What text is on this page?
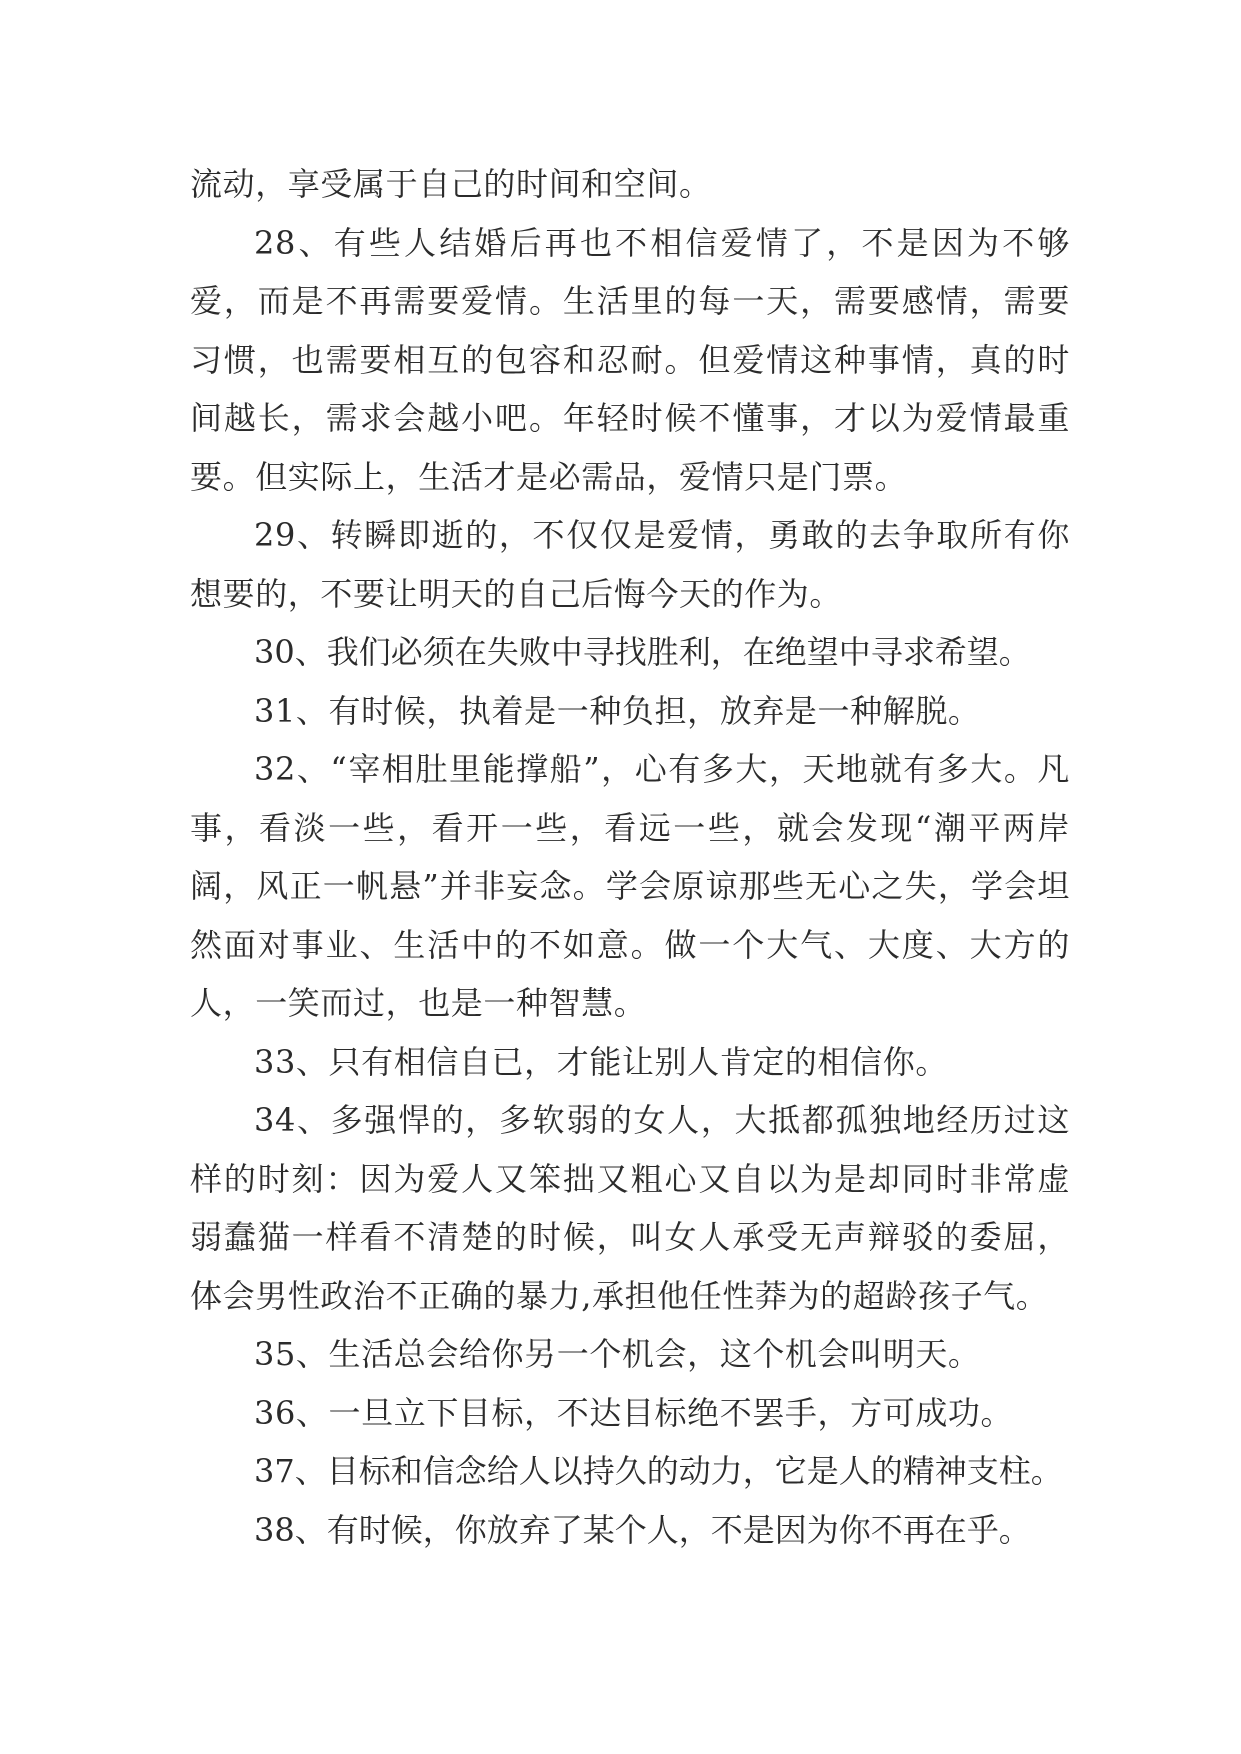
流动，享受属于自己的时间和空间。

28、有些人结婚后再也不相信爱情了，不是因为不够爱，而是不再需要爱情。生活里的每一天，需要感情，需要习惯，也需要相互的包容和忍耐。但爱情这种事情，真的时间越长，需求会越小吧。年轻时候不懂事，才以为爱情最重要。但实际上，生活才是必需品，爱情只是门票。

29、转瞬即逝的，不仅仅是爱情，勇敢的去争取所有你想要的，不要让明天的自己后悔今天的作为。

30、我们必须在失败中寻找胜利，在绝望中寻求希望。

31、有时候，执着是一种负担，放弃是一种解脱。

32、“宰相肚里能撑船”，心有多大，天地就有多大。凡事，看淡一些，看开一些，看远一些，就会发现“潮平两岸阔，风正一帆悬”并非妄念。学会原谅那些无心之失，学会坦然面对事业、生活中的不如意。做一个大气、大度、大方的人，一笑而过，也是一种智慧。

33、只有相信自已，才能让别人肯定的相信你。

34、多强悍的，多软弱的女人，大抵都孤独地经历过这样的时刻：因为爱人又笨拙又粗心又自以为是却同时非常虚弱蠢猫一样看不清楚的时候，叫女人承受无声辩驳的委屈，体会男性政治不正确的暴力,承担他任性莽为的超龄孩子气。

35、生活总会给你另一个机会，这个机会叫明天。

36、一旦立下目标，不达目标绝不罢手，方可成功。

37、目标和信念给人以持久的动力，它是人的精神支柱。

38、有时候，你放弃了某个人，不是因为你不再在乎。
